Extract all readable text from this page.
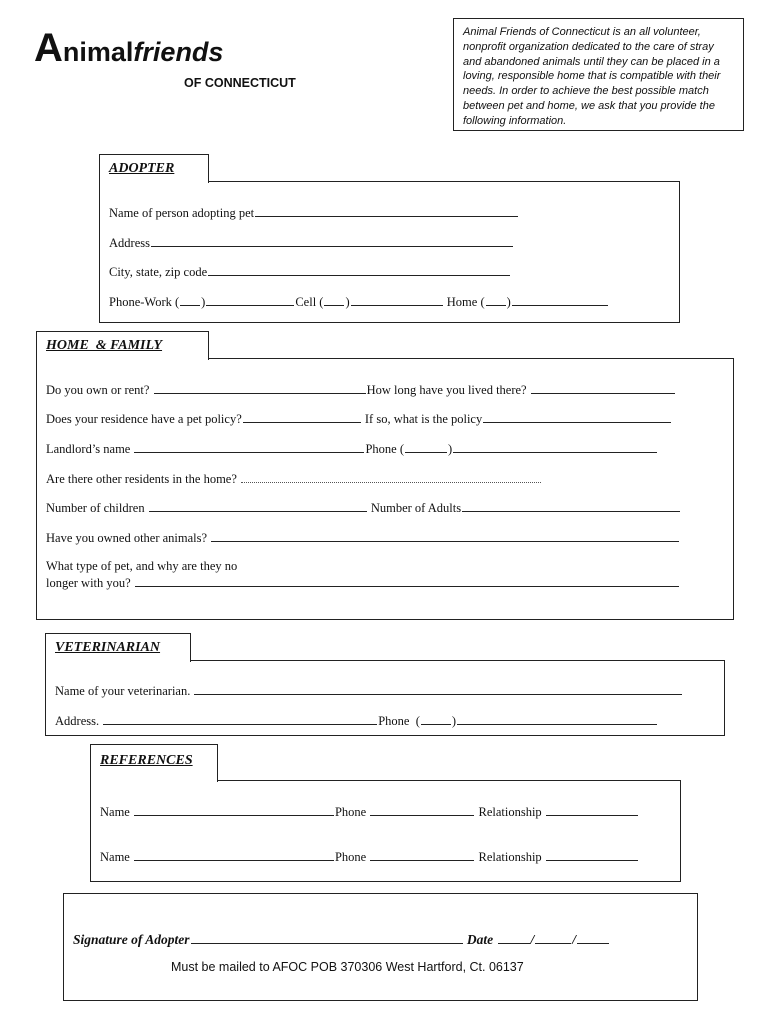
Animalfriends
OF CONNECTICUT
Animal Friends of Connecticut is an all volunteer, nonprofit organization dedicated to the care of stray and abandoned animals until they can be placed in a loving, responsible home that is compatible with their needs. In order to achieve the best possible match between pet and home, we ask that you provide the following information.
ADOPTER
Name of person adopting pet
Address
City, state, zip code
Phone-Work ( )	Cell ( )	Home ( )
HOME  & FAMILY
Do you own or rent?	How long have you lived there?
Does your residence have a pet policy?	If so, what is the policy
Landlord’s name	Phone (	)
Are there other residents in the home?
Number of children	Number of Adults
Have you owned other animals?
What type of pet, and why are they no
longer with you?
VETERINARIAN
Name of your veterinarian.
Address.	Phone  (	)
REFERENCES
Name	Phone	Relationship
Name	Phone	Relationship
Signature of Adopter	Date	/	/
Must be mailed to AFOC POB 370306 West Hartford, Ct. 06137
